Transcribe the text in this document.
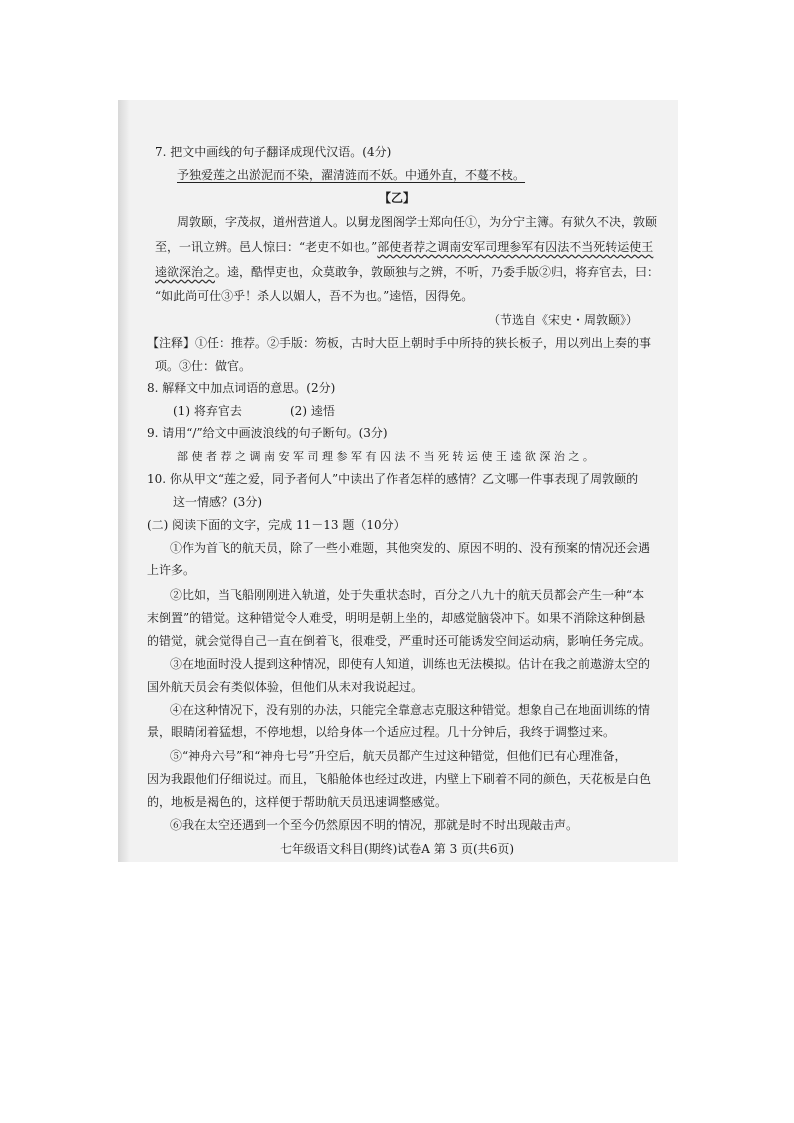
7. 把文中画线的句子翻译成现代汉语。(4分)
予独爱莲之出淤泥而不染，濯清涟而不妖。中通外直，不蔓不枝。
【乙】
周敦颐，字茂叔，道州营道人。以舅龙图阁学士郑向任①，为分宁主簿。有狱久不决，敦颐
至，一讯立辨。邑人惊曰：“老吏不如也。”部使者荐之调南安军司理参军有囚法不当死转运使王
逵欲深治之。逵，酷悍吏也，众莫敢争，敦颐独与之辨，不听，乃委手版②归，将弃官去，曰：
“如此尚可仕③乎！杀人以媚人，吾不为也。”逵悟，因得免。
（节选自《宋史・周敦颐》）
【注释】①任：推荐。②手版：笏板，古时大臣上朝时手中所持的狭长板子，用以列出上奏的事
项。③仕：做官。
8. 解释文中加点词语的意思。(2分)
(1) 将弃官去	(2) 逵悟
9. 请用“/”给文中画波浪线的句子断句。(3分)
部 使 者 荐 之 调 南 安 军 司 理 参 军 有 囚 法 不 当 死 转 运 使 王 逵 欲 深 治 之 。
10. 你从甲文“莲之爱，同予者何人”中读出了作者怎样的感情？乙文哪一件事表现了周敦颐的
这一情感？(3分)
(二) 阅读下面的文字，完成 11－13 题（10分）
①作为首飞的航天员，除了一些小难题，其他突发的、原因不明的、没有预案的情况还会遇
上许多。
②比如，当飞船刚刚进入轨道，处于失重状态时，百分之八九十的航天员都会产生一种“本
末倒置”的错觉。这种错觉令人难受，明明是朝上坐的，却感觉脑袋冲下。如果不消除这种倒悬
的错觉，就会觉得自己一直在倒着飞，很难受，严重时还可能诱发空间运动病，影响任务完成。
③在地面时没人提到这种情况，即使有人知道，训练也无法模拟。估计在我之前遨游太空的
国外航天员会有类似体验，但他们从未对我说起过。
④在这种情况下，没有别的办法，只能完全靠意志克服这种错觉。想象自己在地面训练的情
景，眼睛闭着猛想，不停地想，以给身体一个适应过程。几十分钟后，我终于调整过来。
⑤“神舟六号”和“神舟七号”升空后，航天员都产生过这种错觉，但他们已有心理准备，
因为我跟他们仔细说过。而且，飞船舱体也经过改进，内壁上下刷着不同的颜色，天花板是白色
的，地板是褐色的，这样便于帮助航天员迅速调整感觉。
⑥我在太空还遇到一个至今仍然原因不明的情况，那就是时不时出现敲击声。
七年级语文科目(期终)试卷A 第 3 页(共6页)
